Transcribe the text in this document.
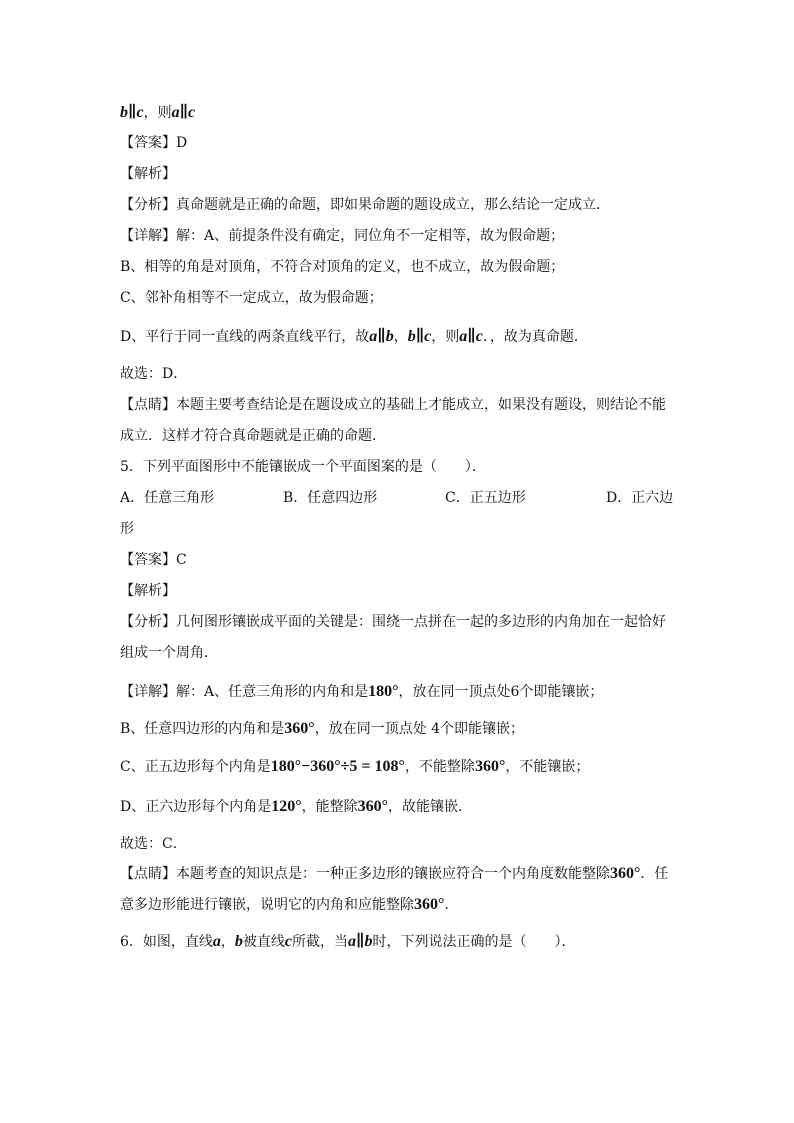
b∥c，则a∥c
【答案】D
【解析】
【分析】真命题就是正确的命题，即如果命题的题设成立，那么结论一定成立．
【详解】解：A、前提条件没有确定，同位角不一定相等，故为假命题；
B、相等的角是对顶角，不符合对顶角的定义，也不成立，故为假命题；
C、邻补角相等不一定成立，故为假命题；
D、平行于同一直线的两条直线平行，故a∥b，b∥c，则a∥c．，故为真命题．
故选：D．
【点睛】本题主要考查结论是在题设成立的基础上才能成立，如果没有题设，则结论不能
成立．这样才符合真命题就是正确的命题．
5．下列平面图形中不能镶嵌成一个平面图案的是（　　）．
A．任意三角形	B．任意四边形	C．正五边形	D．正六边
形
【答案】C
【解析】
【分析】几何图形镶嵌成平面的关键是：围绕一点拼在一起的多边形的内角加在一起恰好
组成一个周角．
【详解】解：A、任意三角形的内角和是180°，放在同一顶点处6个即能镶嵌；
B、任意四边形的内角和是360°，放在同一顶点处 4个即能镶嵌；
C、正五边形每个内角是180°−360°÷5 = 108°，不能整除360°，不能镶嵌；
D、正六边形每个内角是120°，能整除360°，故能镶嵌．
故选：C．
【点睛】本题考查的知识点是：一种正多边形的镶嵌应符合一个内角度数能整除360°．任
意多边形能进行镶嵌，说明它的内角和应能整除360°.
6．如图，直线a，b被直线c所截，当a∥b时，下列说法正确的是（　　）．
